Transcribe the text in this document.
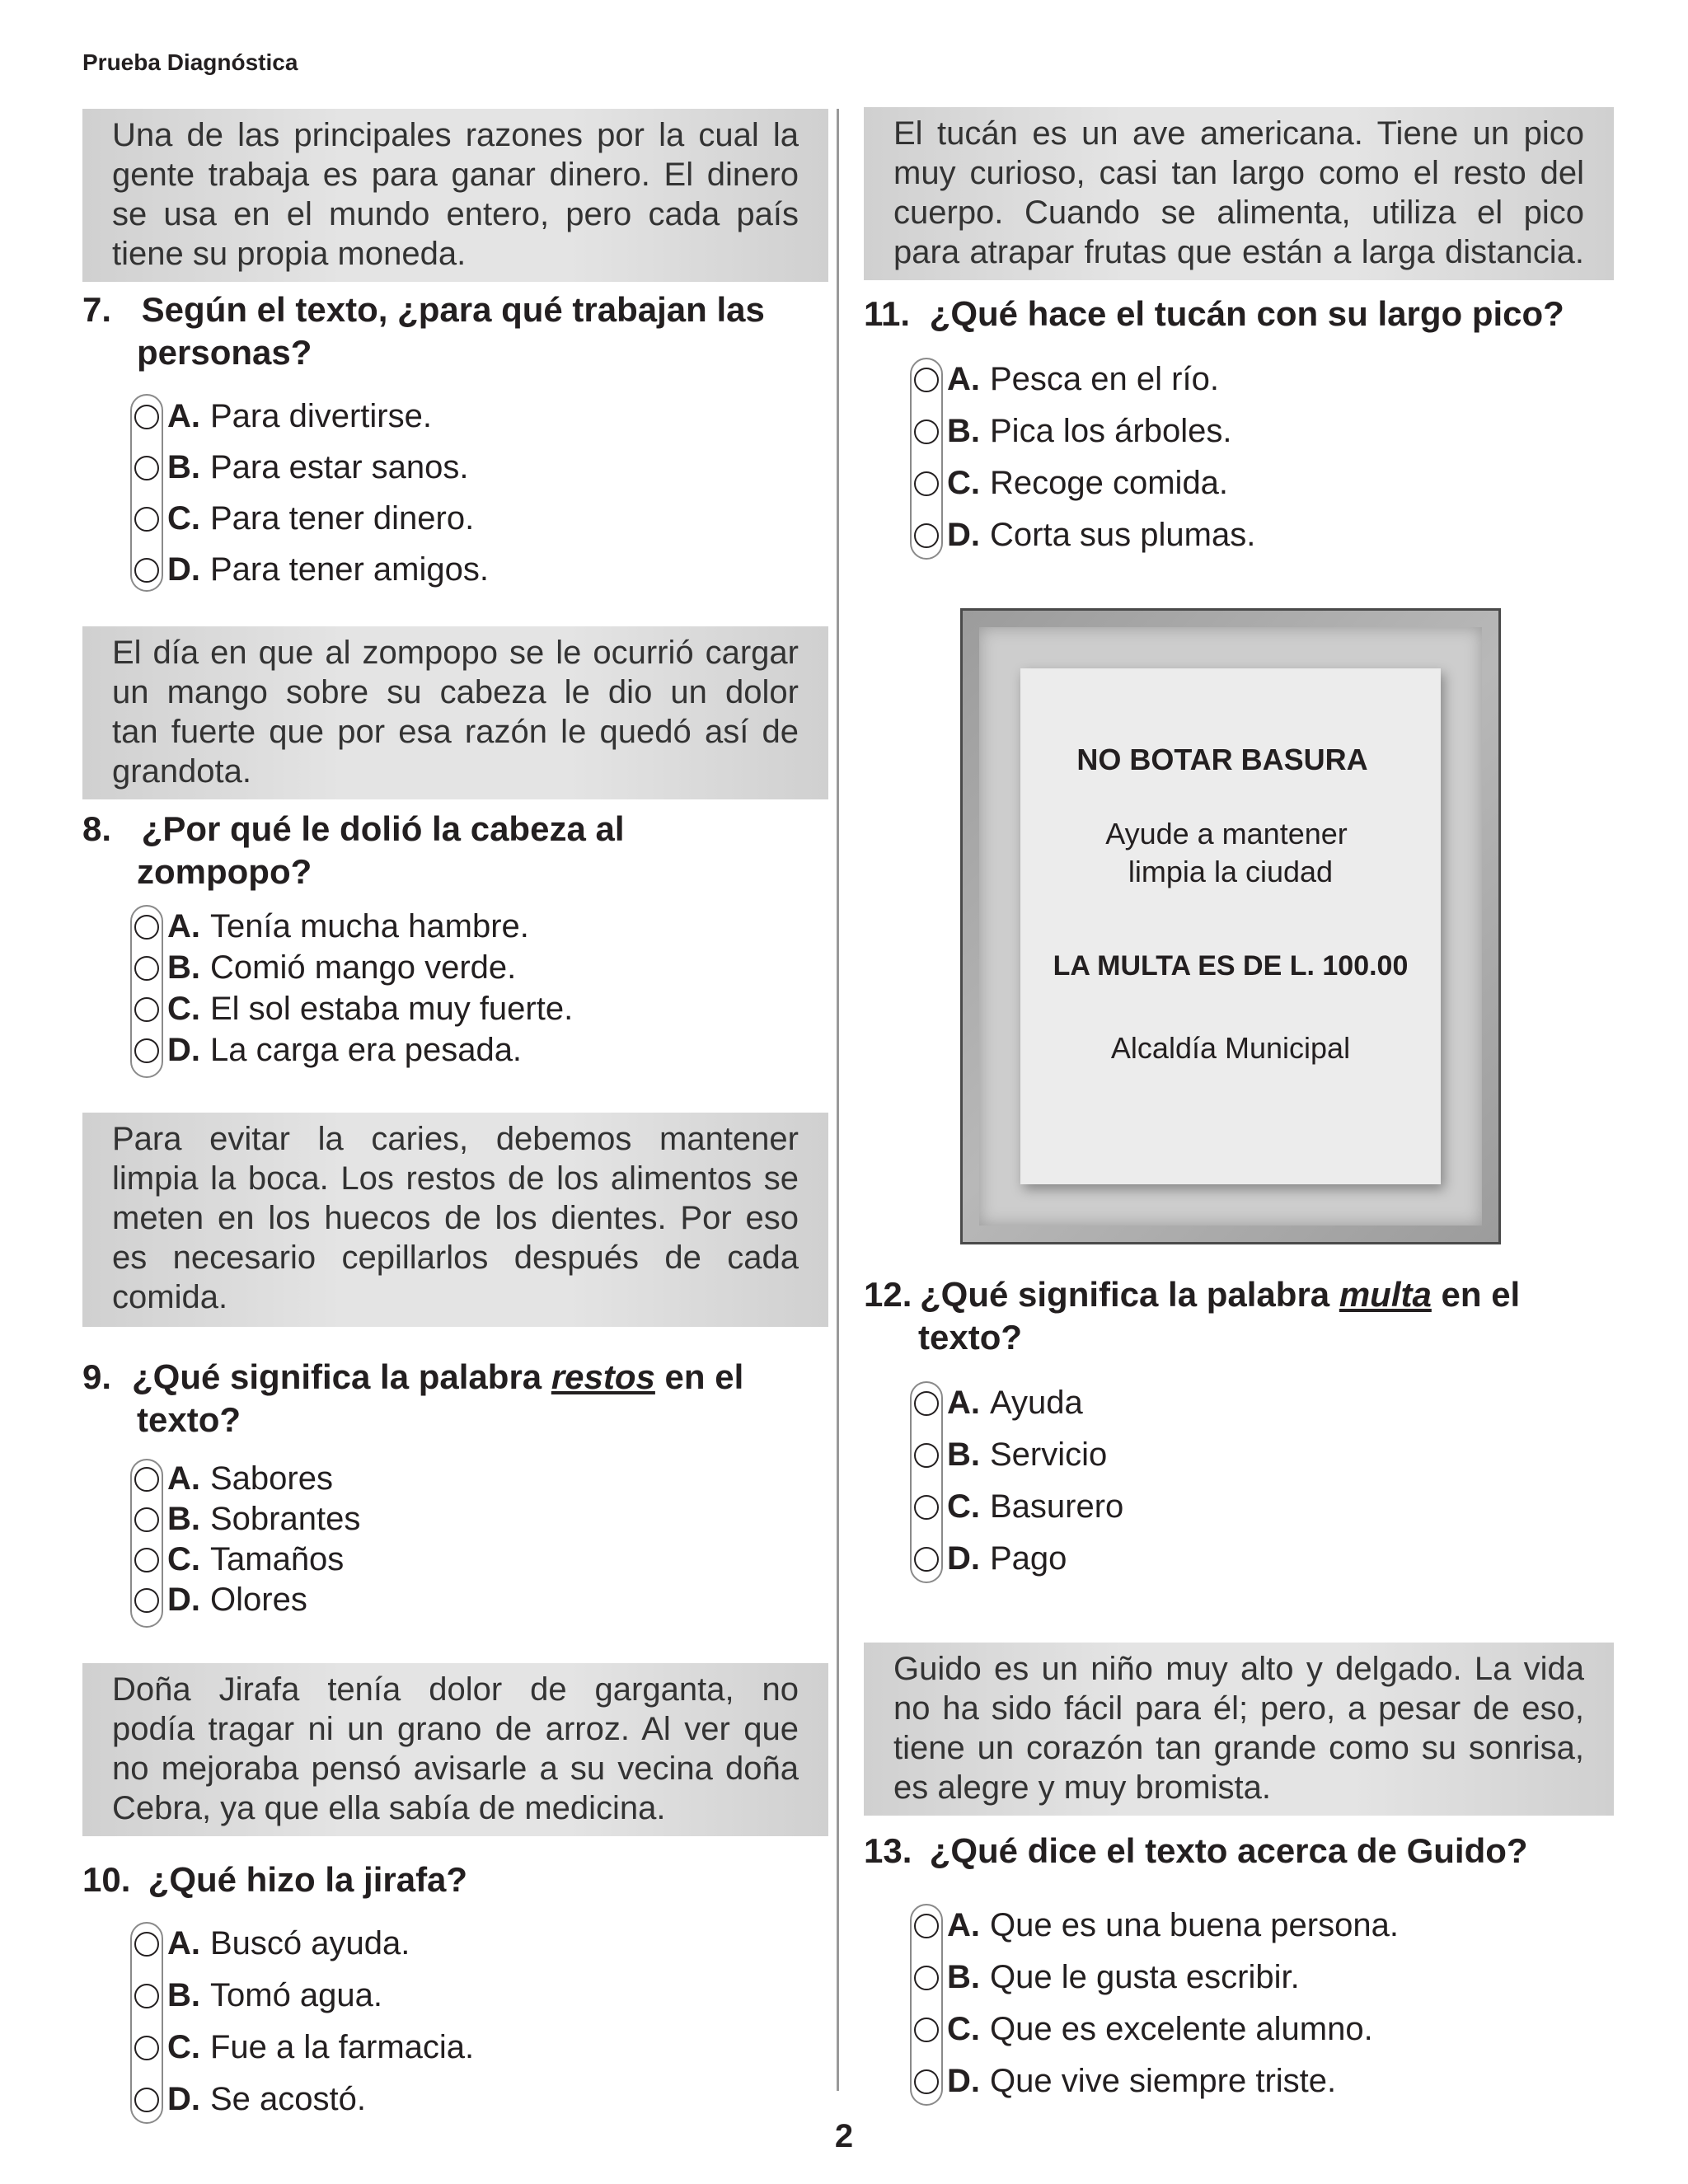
Prueba Diagnóstica
Una de las principales razones por la cual la
gente trabaja es para ganar dinero. El dinero
se usa en el mundo entero, pero cada país
tiene su propia moneda.
7. Según el texto, ¿para qué trabajan las
personas?
A. Para divertirse.
B. Para estar sanos.
C. Para tener dinero.
D. Para tener amigos.
El día en que al zompopo se le ocurrió cargar
un mango sobre su cabeza le dio un dolor
tan fuerte que por esa razón le quedó así de
grandota.
8. ¿Por qué le dolió la cabeza al
zompopo?
A. Tenía mucha hambre.
B. Comió mango verde.
C. El sol estaba muy fuerte.
D. La carga era pesada.
Para evitar la caries, debemos mantener
limpia la boca. Los restos de los alimentos se
meten en los huecos de los dientes. Por eso
es necesario cepillarlos después de cada
comida.
9. ¿Qué significa la palabra restos en el
texto?
A. Sabores
B. Sobrantes
C. Tamaños
D. Olores
Doña Jirafa tenía dolor de garganta, no
podía tragar ni un grano de arroz. Al ver que
no mejoraba pensó avisarle a su vecina doña
Cebra, ya que ella sabía de medicina.
10. ¿Qué hizo la jirafa?
A. Buscó ayuda.
B. Tomó agua.
C. Fue a la farmacia.
D. Se acostó.
El tucán es un ave americana. Tiene un pico
muy curioso, casi tan largo como el resto del
cuerpo. Cuando se alimenta, utiliza el pico
para atrapar frutas que están a larga distancia.
11. ¿Qué hace el tucán con su largo pico?
A. Pesca en el río.
B. Pica los árboles.
C. Recoge comida.
D. Corta sus plumas.
NO BOTAR BASURA
Ayude a mantener
limpia la ciudad
LA MULTA ES DE L. 100.00
Alcaldía Municipal
12. ¿Qué significa la palabra multa en el
texto?
A. Ayuda
B. Servicio
C. Basurero
D. Pago
Guido es un niño muy alto y delgado. La vida
no ha sido fácil para él; pero, a pesar de eso,
tiene un corazón tan grande como su sonrisa,
es alegre y muy bromista.
13. ¿Qué dice el texto acerca de Guido?
A. Que es una buena persona.
B. Que le gusta escribir.
C. Que es excelente alumno.
D. Que vive siempre triste.
2
